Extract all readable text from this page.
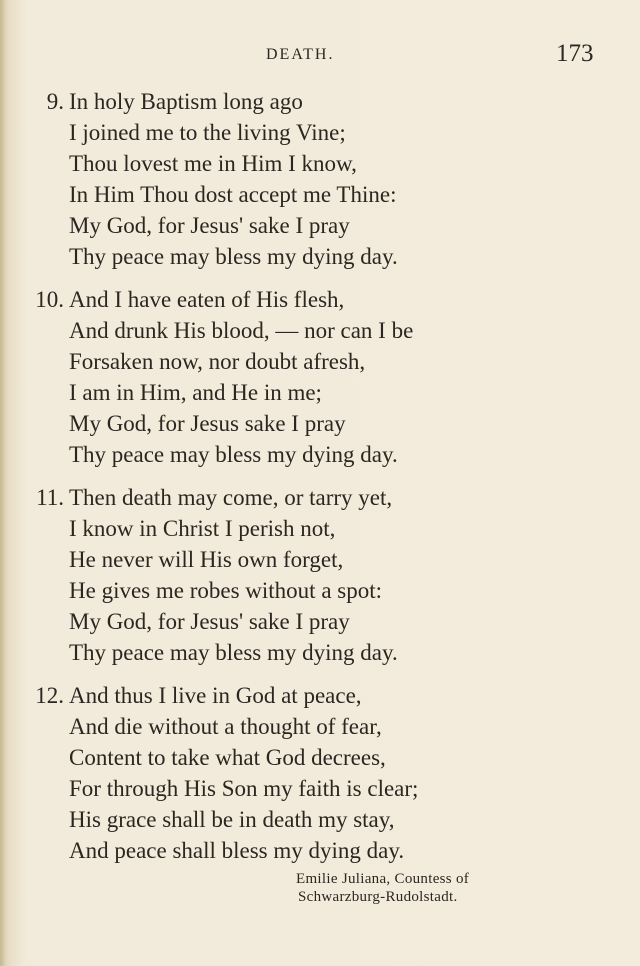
DEATH.	173
9. In holy Baptism long ago
I joined me to the living Vine;
Thou lovest me in Him I know,
In Him Thou dost accept me Thine:
My God, for Jesus' sake I pray
Thy peace may bless my dying day.
10. And I have eaten of His flesh,
And drunk His blood, — nor can I be
Forsaken now, nor doubt afresh,
I am in Him, and He in me;
My God, for Jesus sake I pray
Thy peace may bless my dying day.
11. Then death may come, or tarry yet,
I know in Christ I perish not,
He never will His own forget,
He gives me robes without a spot:
My God, for Jesus' sake I pray
Thy peace may bless my dying day.
12. And thus I live in God at peace,
And die without a thought of fear,
Content to take what God decrees,
For through His Son my faith is clear;
His grace shall be in death my stay,
And peace shall bless my dying day.
Emilie Juliana, Countess of
Schwarzburg-Rudolstadt.
